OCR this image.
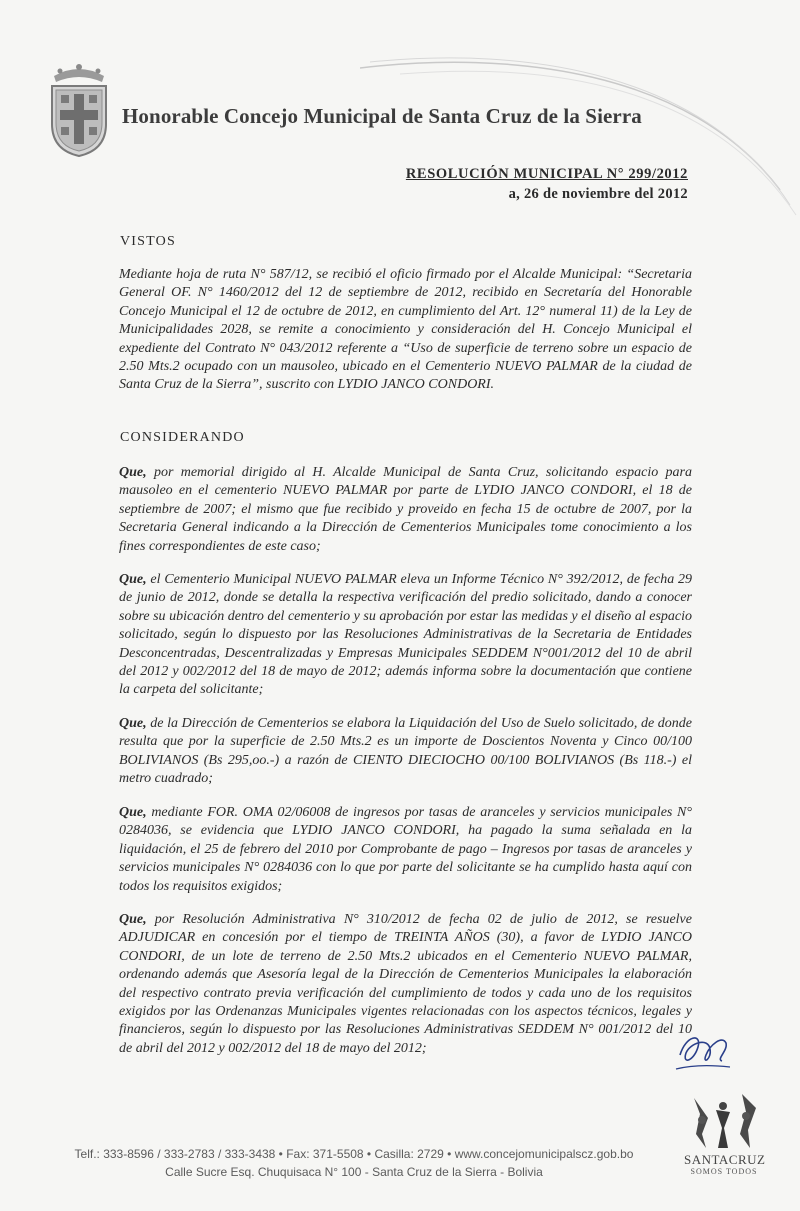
Honorable Concejo Municipal de Santa Cruz de la Sierra
RESOLUCIÓN MUNICIPAL N° 299/2012
a, 26 de noviembre del 2012
VISTOS

Mediante hoja de ruta N° 587/12, se recibió el oficio firmado por el Alcalde Municipal: “Secretaria General OF. N° 1460/2012 del 12 de septiembre de 2012, recibido en Secretaría del Honorable Concejo Municipal el 12 de octubre de 2012, en cumplimiento del Art. 12° numeral 11) de la Ley de Municipalidades 2028, se remite a conocimiento y consideración del H. Concejo Municipal el expediente del Contrato N° 043/2012 referente a “Uso de superficie de terreno sobre un espacio de 2.50 Mts.2 ocupado con un mausoleo, ubicado en el Cementerio NUEVO PALMAR de la ciudad de Santa Cruz de la Sierra”, suscrito con LYDIO JANCO CONDORI.

CONSIDERANDO

Que, por memorial dirigido al H. Alcalde Municipal de Santa Cruz, solicitando espacio para mausoleo en el cementerio NUEVO PALMAR por parte de LYDIO JANCO CONDORI, el 18 de septiembre de 2007; el mismo que fue recibido y proveido en fecha 15 de octubre de 2007, por la Secretaria General indicando a la Dirección de Cementerios Municipales tome conocimiento a los fines correspondientes de este caso;

Que, el Cementerio Municipal NUEVO PALMAR eleva un Informe Técnico N° 392/2012, de fecha 29 de junio de 2012, donde se detalla la respectiva verificación del predio solicitado, dando a conocer sobre su ubicación dentro del cementerio y su aprobación por estar las medidas y el diseño al espacio solicitado, según lo dispuesto por las Resoluciones Administrativas de la Secretaria de Entidades Desconcentradas, Descentralizadas y Empresas Municipales SEDDEM N°001/2012 del 10 de abril del 2012 y 002/2012 del 18 de mayo de 2012; además informa sobre la documentación que contiene la carpeta del solicitante;

Que, de la Dirección de Cementerios se elabora la Liquidación del Uso de Suelo solicitado, de donde resulta que por la superficie de 2.50 Mts.2 es un importe de Doscientos Noventa y Cinco 00/100 BOLIVIANOS (Bs 295,oo.-) a razón de CIENTO DIECIOCHO 00/100 BOLIVIANOS (Bs 118.-) el metro cuadrado;

Que, mediante FOR. OMA 02/06008 de ingresos por tasas de aranceles y servicios municipales N° 0284036, se evidencia que LYDIO JANCO CONDORI, ha pagado la suma señalada en la liquidación, el 25 de febrero del 2010 por Comprobante de pago – Ingresos por tasas de aranceles y servicios municipales N° 0284036 con lo que por parte del solicitante se ha cumplido hasta aquí con todos los requisitos exigidos;

Que, por Resolución Administrativa N° 310/2012 de fecha 02 de julio de 2012, se resuelve ADJUDICAR en concesión por el tiempo de TREINTA AÑOS (30), a favor de LYDIO JANCO CONDORI, de un lote de terreno de 2.50 Mts.2 ubicados en el Cementerio NUEVO PALMAR, ordenando además que Asesoría legal de la Dirección de Cementerios Municipales la elaboración del respectivo contrato previa verificación del cumplimiento de todos y cada uno de los requisitos exigidos por las Ordenanzas Municipales vigentes relacionadas con los aspectos técnicos, legales y financieros, según lo dispuesto por las Resoluciones Administrativas SEDDEM N° 001/2012 del 10 de abril del 2012 y 002/2012 del 18 de mayo del 2012;

Telf.: 333-8596 / 333-2783 / 333-3438 • Fax: 371-5508 • Casilla: 2729 • www.concejomunicipalscz.gob.bo
Calle Sucre Esq. Chuquisaca N° 100 - Santa Cruz de la Sierra - Bolivia
SANTACRUZ
SOMOS TODOS
